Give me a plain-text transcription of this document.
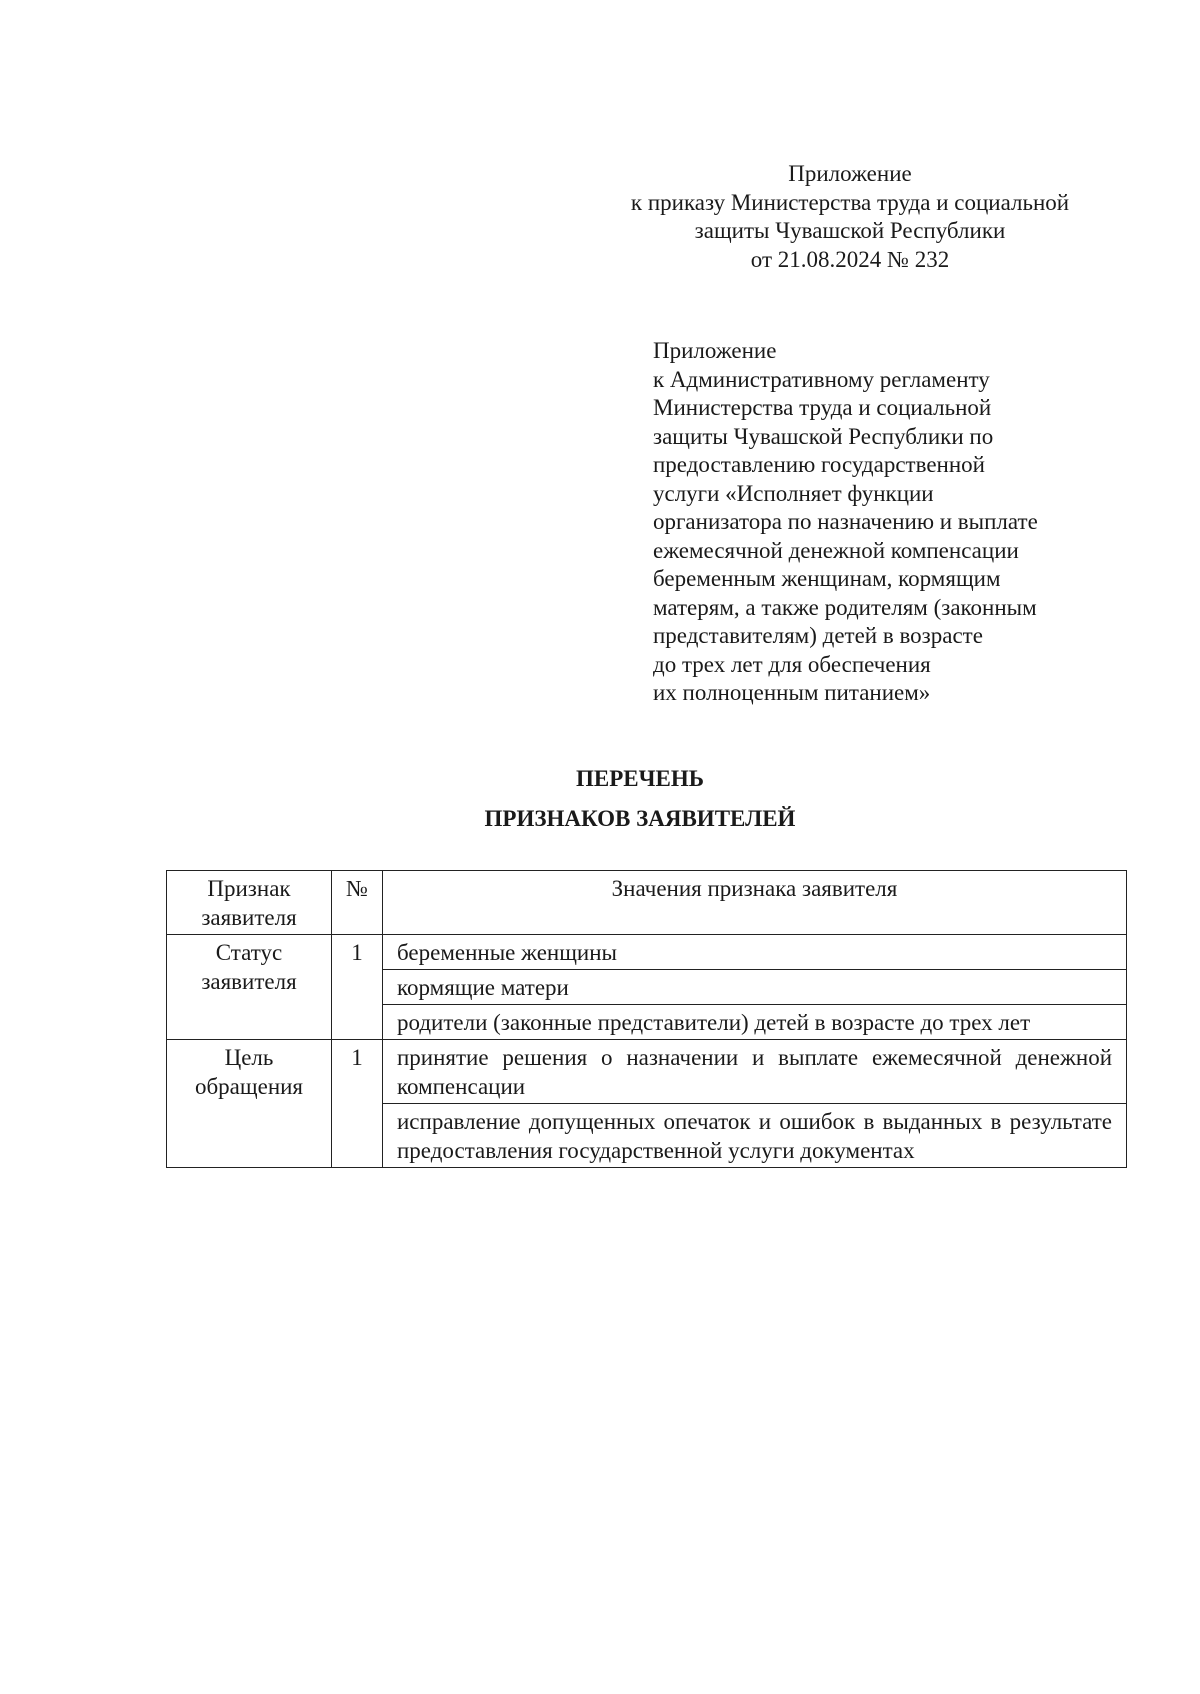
Приложение
к приказу Министерства труда и социальной
защиты Чувашской Республики
от 21.08.2024 № 232
Приложение
к Административному регламенту
Министерства труда и социальной
защиты Чувашской Республики по
предоставлению государственной
услуги «Исполняет функции
организатора по назначению и выплате
ежемесячной денежной компенсации
беременным женщинам, кормящим
матерям, а также родителям (законным
представителям) детей в возрасте
до трех лет для обеспечения
их полноценным питанием»
ПЕРЕЧЕНЬ
ПРИЗНАКОВ ЗАЯВИТЕЛЕЙ
Признак
заявителя	№	Значения признака заявителя

Статус
заявителя	1	беременные женщины
		кормящие матери
		родители (законные представители) детей в возрасте до трех лет

Цель
обращения	1	принятие решения о назначении и выплате ежемесячной денежной компенсации
		исправление допущенных опечаток и ошибок в выданных в результате предоставления государственной услуги документах
